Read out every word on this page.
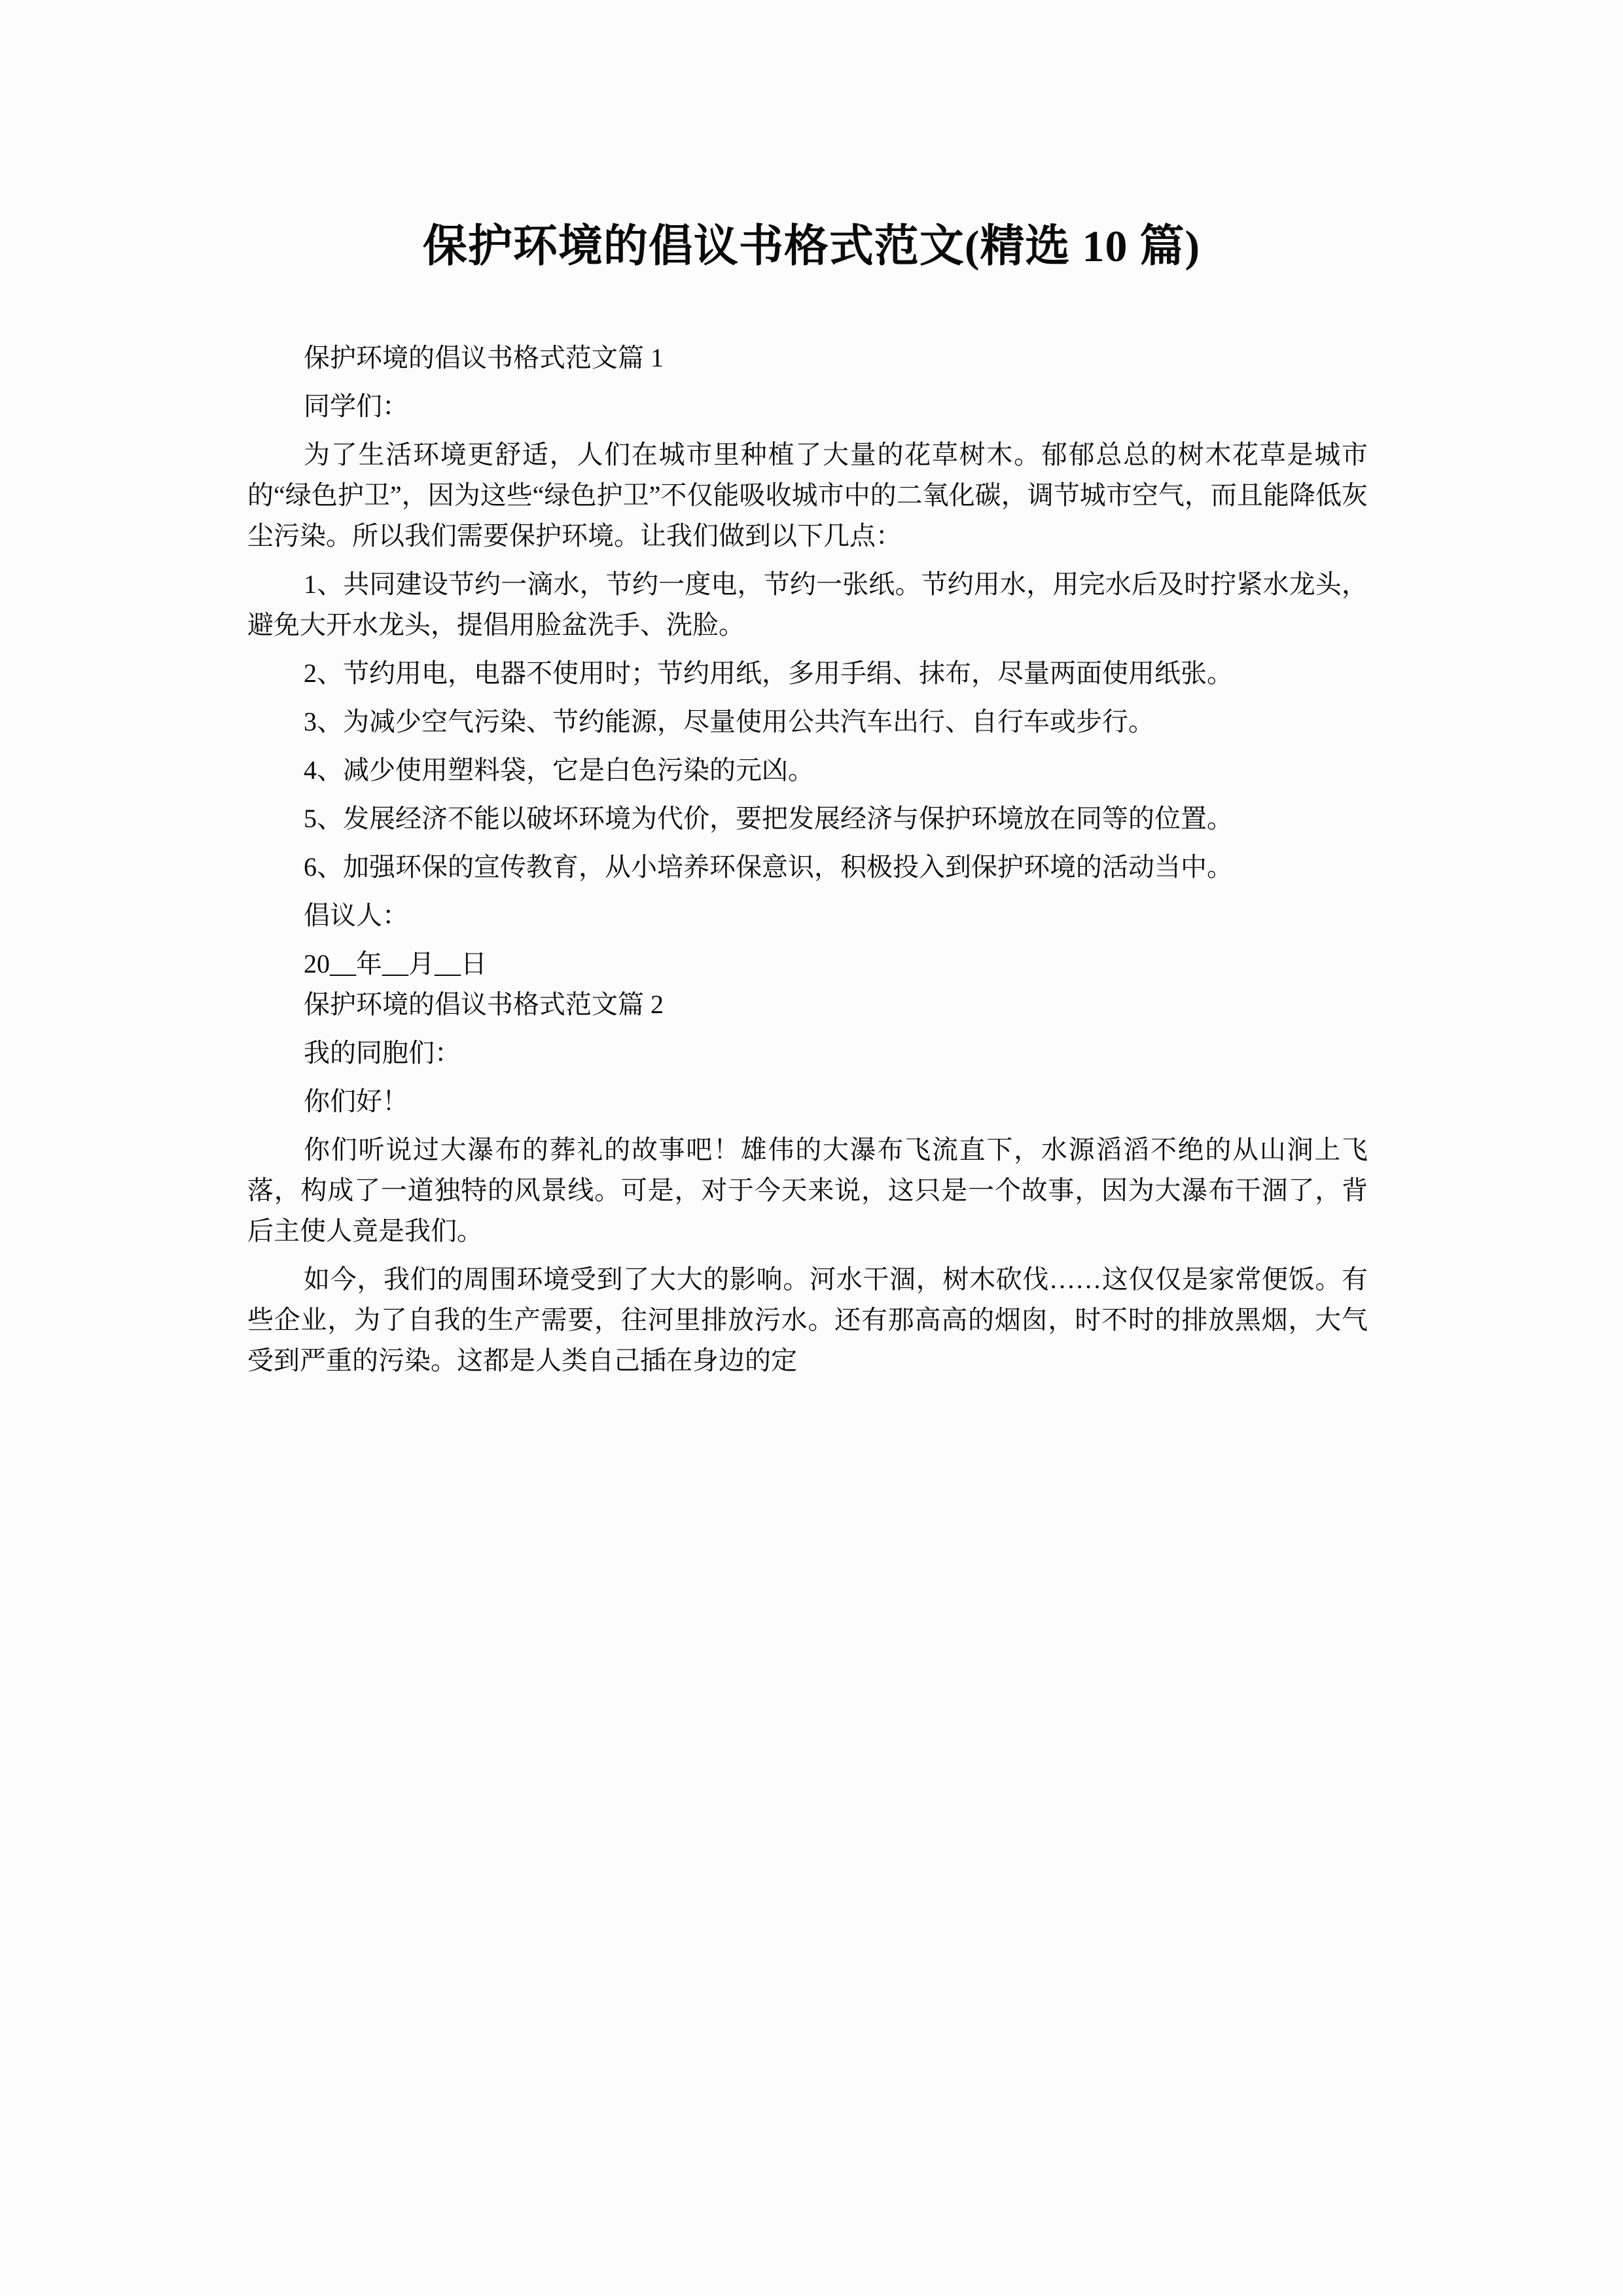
保护环境的倡议书格式范文(精选 10 篇)

保护环境的倡议书格式范文篇 1

同学们：

为了生活环境更舒适，人们在城市里种植了大量的花草树木。郁郁总总的树木花草是城市的“绿色护卫”，因为这些“绿色护卫”不仅能吸收城市中的二氧化碳，调节城市空气，而且能降低灰尘污染。所以我们需要保护环境。让我们做到以下几点：

1、共同建设节约一滴水，节约一度电，节约一张纸。节约用水，用完水后及时拧紧水龙头，避免大开水龙头，提倡用脸盆洗手、洗脸。

2、节约用电，电器不使用时；节约用纸，多用手绢、抹布，尽量两面使用纸张。

3、为减少空气污染、节约能源，尽量使用公共汽车出行、自行车或步行。

4、减少使用塑料袋，它是白色污染的元凶。

5、发展经济不能以破坏环境为代价，要把发展经济与保护环境放在同等的位置。

6、加强环保的宣传教育，从小培养环保意识，积极投入到保护环境的活动当中。

倡议人：

20__年__月__日

保护环境的倡议书格式范文篇 2

我的同胞们：

你们好！

你们听说过大瀑布的葬礼的故事吧！雄伟的大瀑布飞流直下，水源滔滔不绝的从山涧上飞落，构成了一道独特的风景线。可是，对于今天来说，这只是一个故事，因为大瀑布干涸了，背后主使人竟是我们。

如今，我们的周围环境受到了大大的影响。河水干涸，树木砍伐……这仅仅是家常便饭。有些企业，为了自我的生产需要，往河里排放污水。还有那高高的烟囱，时不时的排放黑烟，大气受到严重的污染。这都是人类自己插在身边的定
